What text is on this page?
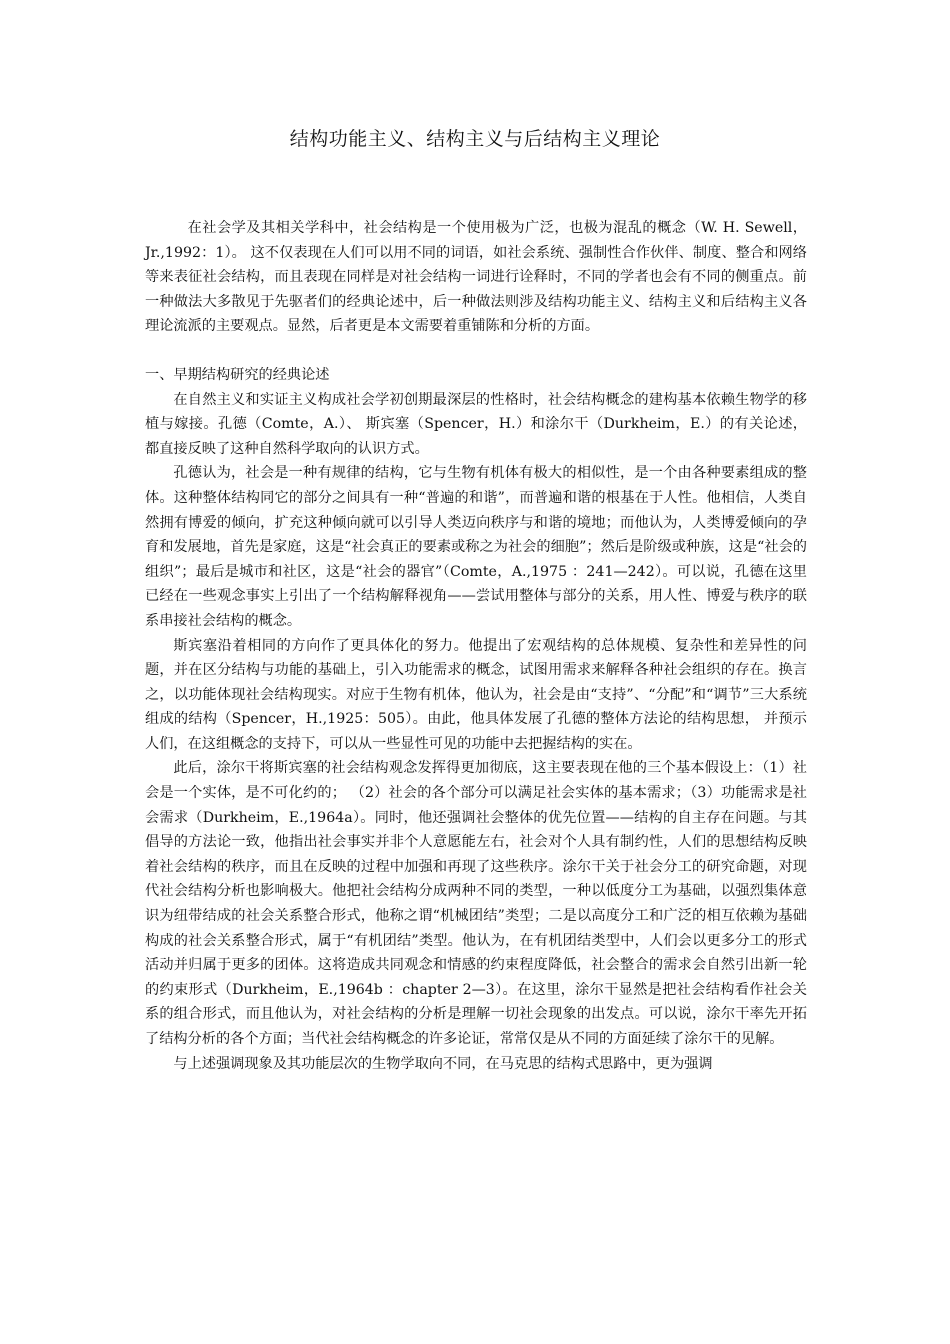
结构功能主义、结构主义与后结构主义理论

在社会学及其相关学科中，社会结构是一个使用极为广泛，也极为混乱的概念（W. H. Sewell，Jr.,1992：1）。 这不仅表现在人们可以用不同的词语，如社会系统、强制性合作伙伴、制度、整合和网络等来表征社会结构，而且表现在同样是对社会结构一词进行诠释时，不同的学者也会有不同的侧重点。前一种做法大多散见于先驱者们的经典论述中，后一种做法则涉及结构功能主义、结构主义和后结构主义各理论流派的主要观点。显然，后者更是本文需要着重铺陈和分析的方面。

一、早期结构研究的经典论述

在自然主义和实证主义构成社会学初创期最深层的性格时，社会结构概念的建构基本依赖生物学的移植与嫁接。孔德（Comte，A.）、 斯宾塞（Spencer，H.）和涂尔干（Durkheim，E.）的有关论述， 都直接反映了这种自然科学取向的认识方式。

孔德认为，社会是一种有规律的结构，它与生物有机体有极大的相似性，是一个由各种要素组成的整体。这种整体结构同它的部分之间具有一种“普遍的和谐”，而普遍和谐的根基在于人性。他相信，人类自然拥有博爱的倾向，扩充这种倾向就可以引导人类迈向秩序与和谐的境地；而他认为，人类博爱倾向的孕育和发展地，首先是家庭，这是“社会真正的要素或称之为社会的细胞”；然后是阶级或种族，这是“社会的组织”；最后是城市和社区，这是“社会的器官”（Comte，A.,1975 ：241—242）。可以说，孔德在这里已经在一些观念事实上引出了一个结构解释视角——尝试用整体与部分的关系，用人性、博爱与秩序的联系串接社会结构的概念。

斯宾塞沿着相同的方向作了更具体化的努力。他提出了宏观结构的总体规模、复杂性和差异性的问题，并在区分结构与功能的基础上，引入功能需求的概念，试图用需求来解释各种社会组织的存在。换言之，以功能体现社会结构现实。对应于生物有机体，他认为，社会是由“支持”、“分配”和“调节”三大系统组成的结构（Spencer，H.,1925：505）。由此，他具体发展了孔德的整体方法论的结构思想， 并预示人们，在这组概念的支持下，可以从一些显性可见的功能中去把握结构的实在。

此后，涂尔干将斯宾塞的社会结构观念发挥得更加彻底，这主要表现在他的三个基本假设上：（1）社会是一个实体，是不可化约的； （2）社会的各个部分可以满足社会实体的基本需求；（3）功能需求是社会需求（Durkheim，E.,1964a）。同时，他还强调社会整体的优先位置——结构的自主存在问题。与其倡导的方法论一致，他指出社会事实并非个人意愿能左右，社会对个人具有制约性，人们的思想结构反映着社会结构的秩序，而且在反映的过程中加强和再现了这些秩序。涂尔干关于社会分工的研究命题，对现代社会结构分析也影响极大。他把社会结构分成两种不同的类型，一种以低度分工为基础，以强烈集体意识为纽带结成的社会关系整合形式，他称之谓“机械团结”类型；二是以高度分工和广泛的相互依赖为基础构成的社会关系整合形式，属于“有机团结”类型。他认为，在有机团结类型中，人们会以更多分工的形式活动并归属于更多的团体。这将造成共同观念和情感的约束程度降低，社会整合的需求会自然引出新一轮的约束形式（Durkheim，E.,1964b ：chapter 2—3）。在这里，涂尔干显然是把社会结构看作社会关系的组合形式，而且他认为，对社会结构的分析是理解一切社会现象的出发点。可以说，涂尔干率先开拓了结构分析的各个方面；当代社会结构概念的许多论证，常常仅是从不同的方面延续了涂尔干的见解。

与上述强调现象及其功能层次的生物学取向不同，在马克思的结构式思路中，更为强调
